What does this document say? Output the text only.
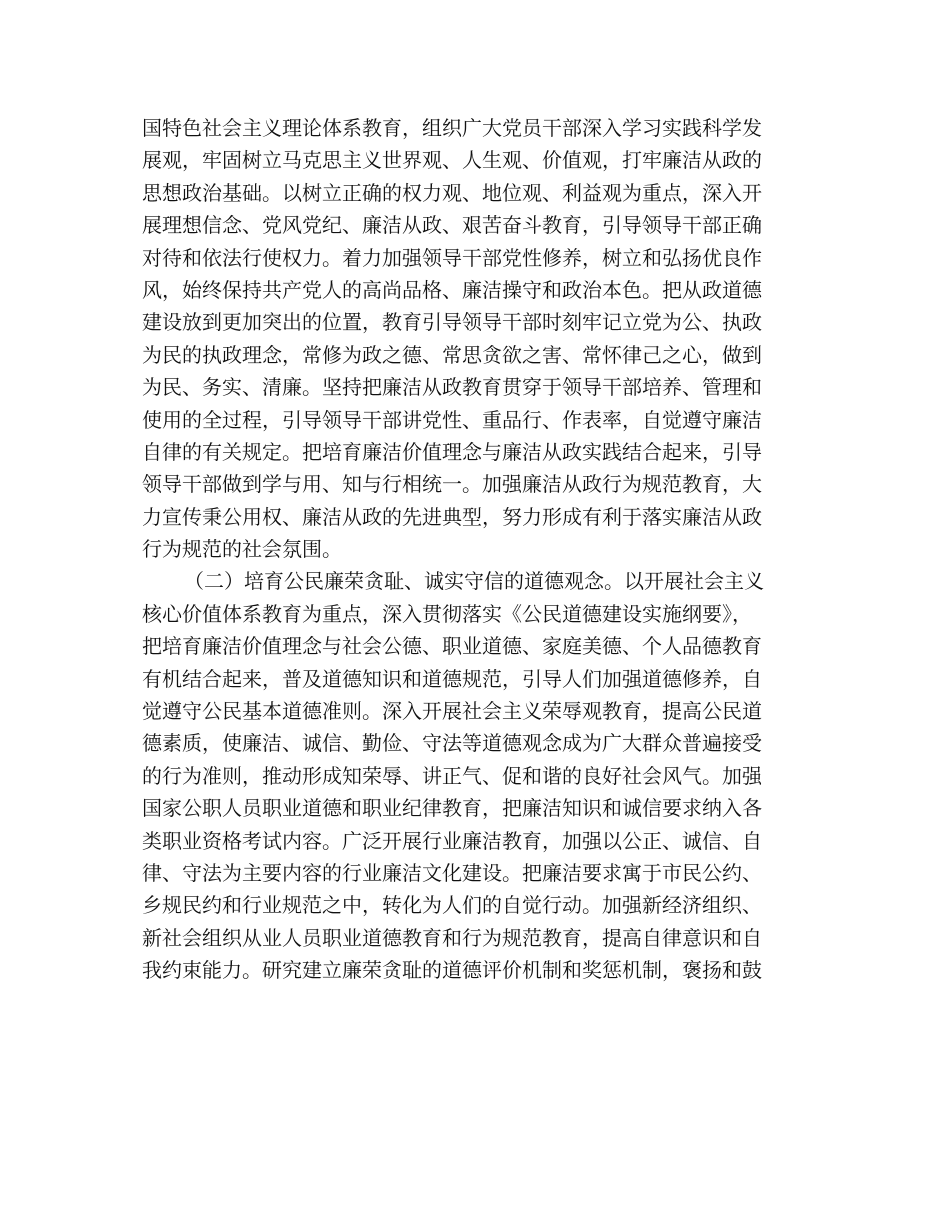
国特色社会主义理论体系教育，组织广大党员干部深入学习实践科学发
展观，牢固树立马克思主义世界观、人生观、价值观，打牢廉洁从政的
思想政治基础。以树立正确的权力观、地位观、利益观为重点，深入开
展理想信念、党风党纪、廉洁从政、艰苦奋斗教育，引导领导干部正确
对待和依法行使权力。着力加强领导干部党性修养，树立和弘扬优良作
风，始终保持共产党人的高尚品格、廉洁操守和政治本色。把从政道德
建设放到更加突出的位置，教育引导领导干部时刻牢记立党为公、执政
为民的执政理念，常修为政之德、常思贪欲之害、常怀律己之心，做到
为民、务实、清廉。坚持把廉洁从政教育贯穿于领导干部培养、管理和
使用的全过程，引导领导干部讲党性、重品行、作表率，自觉遵守廉洁
自律的有关规定。把培育廉洁价值理念与廉洁从政实践结合起来，引导
领导干部做到学与用、知与行相统一。加强廉洁从政行为规范教育，大
力宣传秉公用权、廉洁从政的先进典型，努力形成有利于落实廉洁从政
行为规范的社会氛围。
（二）培育公民廉荣贪耻、诚实守信的道德观念。以开展社会主义
核心价值体系教育为重点，深入贯彻落实《公民道德建设实施纲要》，
把培育廉洁价值理念与社会公德、职业道德、家庭美德、个人品德教育
有机结合起来，普及道德知识和道德规范，引导人们加强道德修养，自
觉遵守公民基本道德准则。深入开展社会主义荣辱观教育，提高公民道
德素质，使廉洁、诚信、勤俭、守法等道德观念成为广大群众普遍接受
的行为准则，推动形成知荣辱、讲正气、促和谐的良好社会风气。加强
国家公职人员职业道德和职业纪律教育，把廉洁知识和诚信要求纳入各
类职业资格考试内容。广泛开展行业廉洁教育，加强以公正、诚信、自
律、守法为主要内容的行业廉洁文化建设。把廉洁要求寓于市民公约、
乡规民约和行业规范之中，转化为人们的自觉行动。加强新经济组织、
新社会组织从业人员职业道德教育和行为规范教育，提高自律意识和自
我约束能力。研究建立廉荣贪耻的道德评价机制和奖惩机制，褒扬和鼓
